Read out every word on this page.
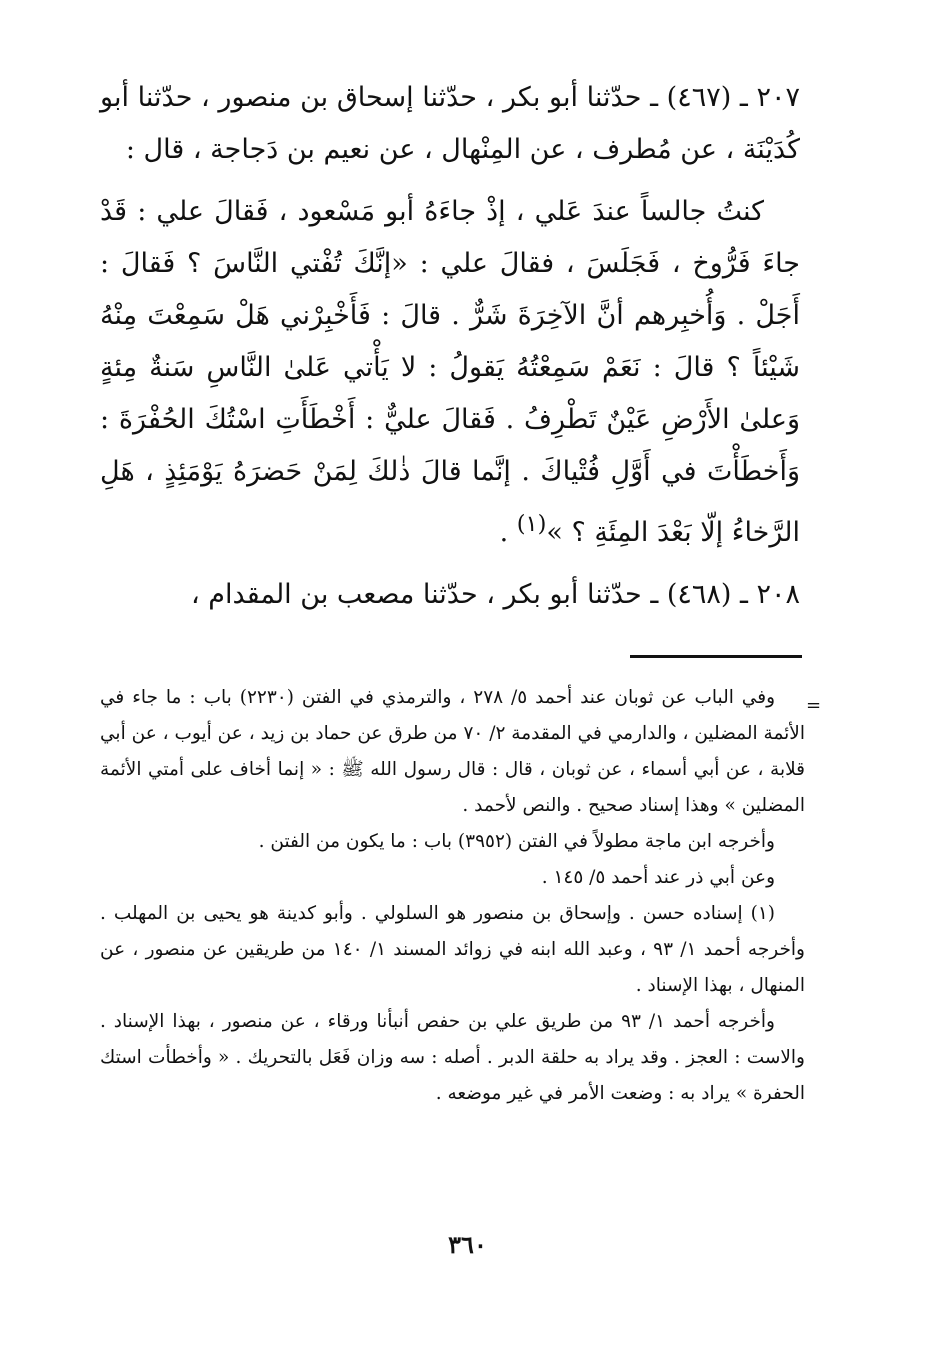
٢٠٧ ـ (٤٦٧) ـ حدّثنا أبو بكر ، حدّثنا إسحاق بن منصور ، حدّثنا أبو كُدَيْنَة ، عن مُطرف ، عن المِنْهال ، عن نعيم بن دَجاجة ، قال :

كنتُ جالساً عندَ عَلي ، إذْ جاءَهُ أبو مَسْعود ، فَقالَ علي : قَدْ جاءَ فَرُّوخ ، فَجَلَسَ ، فقالَ علي : «إنَّكَ تُفْتي النَّاسَ ؟ فَقالَ : أَجَلْ . وَأُخبِرهم أنَّ الآخِرَةَ شَرٌّ . قالَ : فَأَخْبِرْني هَلْ سَمِعْتَ مِنْهُ شَيْئاً ؟ قالَ : نَعَمْ سَمِعْتُهُ يَقولُ : لا يَأْتي عَلىٰ النَّاسِ سَنةٌ مِئةٍ وَعلىٰ الأَرْضِ عَيْنٌ تَطْرِفُ . فَقالَ عليٌّ : أَخْطَأَتِ اسْتُكَ الحُفْرَةَ : وَأَخطَأْتَ في أَوَّلِ فُتْياكَ . إنَّما قالَ ذٰلكَ لِمَنْ حَضرَهُ يَوْمَئِذٍ ، هَلِ الرَّخاءُ إلّا بَعْدَ المِئَةِ ؟ »$^{(١)}$ .

٢٠٨ ـ (٤٦٨) ـ حدّثنا أبو بكر ، حدّثنا مصعب بن المقدام ،

=

وفي الباب عن ثوبان عند أحمد ٥/ ٢٧٨ ، والترمذي في الفتن (٢٢٣٠) باب : ما جاء في الأئمة المضلين ، والدارمي في المقدمة ٢/ ٧٠ من طرق عن حماد بن زيد ، عن أيوب ، عن أبي قلابة ، عن أبي أسماء ، عن ثوبان ، قال : قال رسول الله ﷺ : « إنما أخاف على أمتي الأئمة المضلين » وهذا إسناد صحيح . والنص لأحمد .

وأخرجه ابن ماجة مطولاً في الفتن (٣٩٥٢) باب : ما يكون من الفتن .

وعن أبي ذر عند أحمد ٥/ ١٤٥ .

(١) إسناده حسن . وإسحاق بن منصور هو السلولي . وأبو كدينة هو يحيى بن المهلب . وأخرجه أحمد ١/ ٩٣ ، وعبد الله ابنه في زوائد المسند ١/ ١٤٠ من طريقين عن منصور ، عن المنهال ، بهذا الإسناد .

وأخرجه أحمد ١/ ٩٣ من طريق علي بن حفص أنبأنا ورقاء ، عن منصور ، بهذا الإسناد . والاست : العجز . وقد يراد به حلقة الدبر . أصله : سه وزان فَعَل بالتحريك . « وأخطأت استك الحفرة » يراد به : وضعت الأمر في غير موضعه .

٣٦٠
